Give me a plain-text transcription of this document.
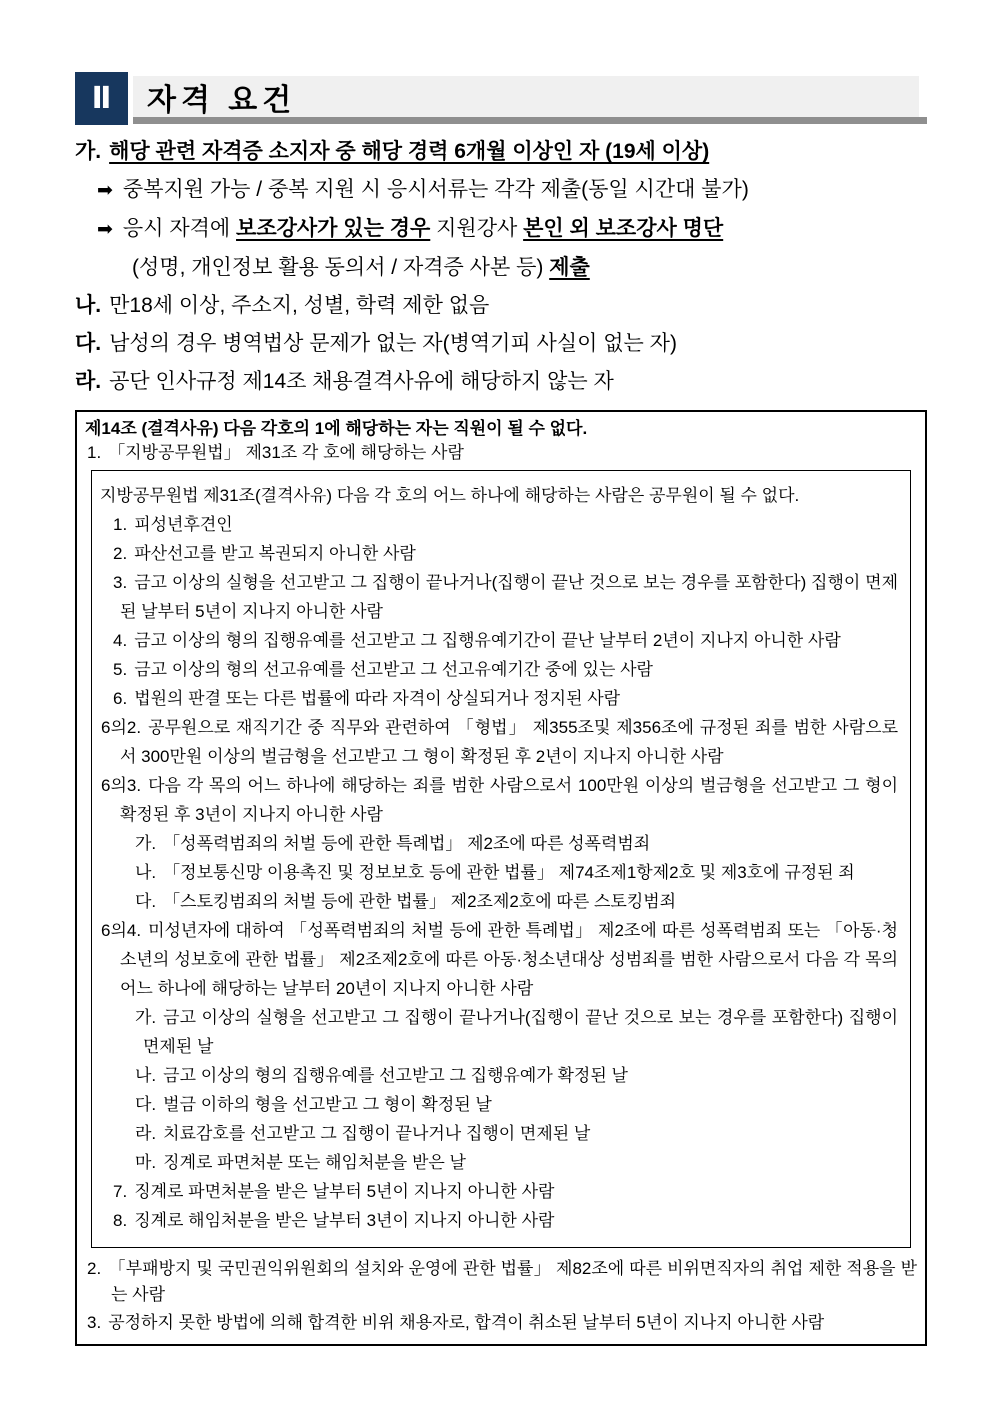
Ⅱ	자격 요건

가. 해당 관련 자격증 소지자 중 해당 경력 6개월 이상인 자 (19세 이상)

➡ 중복지원 가능 / 중복 지원 시 응시서류는 각각 제출(동일 시간대 불가)

➡ 응시 자격에 보조강사가 있는 경우 지원강사 본인 외 보조강사 명단

(성명, 개인정보 활용 동의서 / 자격증 사본 등) 제출

나. 만18세 이상, 주소지, 성별, 학력 제한 없음

다. 남성의 경우 병역법상 문제가 없는 자(병역기피 사실이 없는 자)

라. 공단 인사규정 제14조 채용결격사유에 해당하지 않는 자

제14조 (결격사유) 다음 각호의 1에 해당하는 자는 직원이 될 수 없다.

1. 「지방공무원법」 제31조 각 호에 해당하는 사람

지방공무원법 제31조(결격사유) 다음 각 호의 어느 하나에 해당하는 사람은 공무원이 될 수 없다.

1. 피성년후견인

2. 파산선고를 받고 복권되지 아니한 사람

3. 금고 이상의 실형을 선고받고 그 집행이 끝나거나(집행이 끝난 것으로 보는 경우를 포함한다) 집행이 면제된 날부터 5년이 지나지 아니한 사람

4. 금고 이상의 형의 집행유예를 선고받고 그 집행유예기간이 끝난 날부터 2년이 지나지 아니한 사람

5. 금고 이상의 형의 선고유예를 선고받고 그 선고유예기간 중에 있는 사람

6. 법원의 판결 또는 다른 법률에 따라 자격이 상실되거나 정지된 사람

6의2. 공무원으로 재직기간 중 직무와 관련하여 「형법」 제355조및 제356조에 규정된 죄를 범한 사람으로서 300만원 이상의 벌금형을 선고받고 그 형이 확정된 후 2년이 지나지 아니한 사람

6의3. 다음 각 목의 어느 하나에 해당하는 죄를 범한 사람으로서 100만원 이상의 벌금형을 선고받고 그 형이 확정된 후 3년이 지나지 아니한 사람

가. 「성폭력범죄의 처벌 등에 관한 특례법」 제2조에 따른 성폭력범죄

나. 「정보통신망 이용촉진 및 정보보호 등에 관한 법률」 제74조제1항제2호 및 제3호에 규정된 죄

다. 「스토킹범죄의 처벌 등에 관한 법률」 제2조제2호에 따른 스토킹범죄

6의4. 미성년자에 대하여 「성폭력범죄의 처벌 등에 관한 특례법」 제2조에 따른 성폭력범죄 또는 「아동·청소년의 성보호에 관한 법률」 제2조제2호에 따른 아동·청소년대상 성범죄를 범한 사람으로서 다음 각 목의 어느 하나에 해당하는 날부터 20년이 지나지 아니한 사람

가. 금고 이상의 실형을 선고받고 그 집행이 끝나거나(집행이 끝난 것으로 보는 경우를 포함한다) 집행이 면제된 날

나. 금고 이상의 형의 집행유예를 선고받고 그 집행유예가 확정된 날

다. 벌금 이하의 형을 선고받고 그 형이 확정된 날

라. 치료감호를 선고받고 그 집행이 끝나거나 집행이 면제된 날

마. 징계로 파면처분 또는 해임처분을 받은 날

7. 징계로 파면처분을 받은 날부터 5년이 지나지 아니한 사람

8. 징계로 해임처분을 받은 날부터 3년이 지나지 아니한 사람

2. 「부패방지 및 국민권익위원회의 설치와 운영에 관한 법률」 제82조에 따른 비위면직자의 취업 제한 적용을 받는 사람

3. 공정하지 못한 방법에 의해 합격한 비위 채용자로, 합격이 취소된 날부터 5년이 지나지 아니한 사람
